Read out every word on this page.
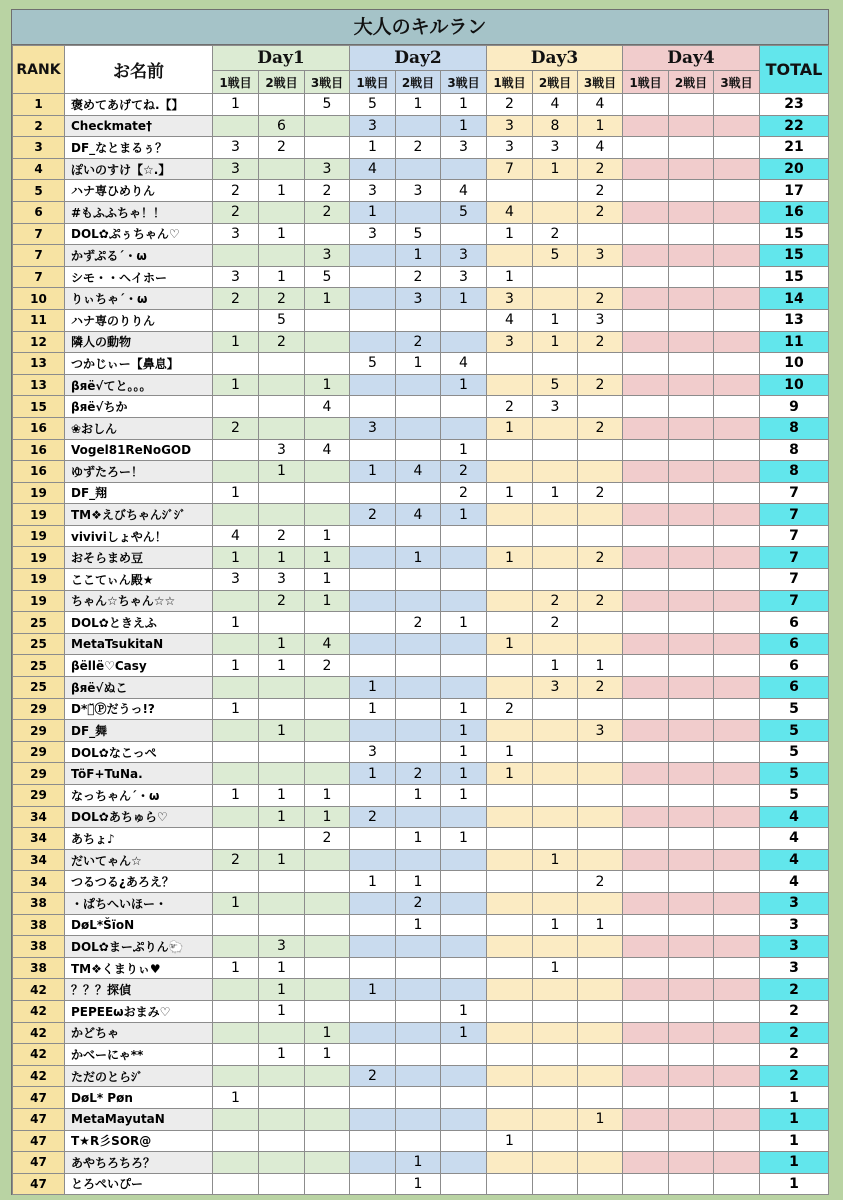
大人のキルラン
RANK	お名前	Day1			Day2			Day3			Day4			TOTAL
		1戦目	2戦目	3戦目	1戦目	2戦目	3戦目	1戦目	2戦目	3戦目	1戦目	2戦目	3戦目	
1	褒めてあげてね.【】	1		5	5	1	1	2	4	4				23
2	Checkmate†		6		3		1	3	8	1				22
3	DF_なとまるぅ？	3	2		1	2	3	3	3	4				21
4	ぽいのすけ【☆.】	3		3	4			7	1	2				20
5	ハナ専ひめりん	2	1	2	3	3	4			2				17
6	#もふふちゃ！！	2		2	1		5	4		2				16
7	DOL✿ぷぅちゃん♡	3	1		3	5		1	2					15
7	かずぷる´・ω			3		1	3		5	3				15
7	シモ・・ヘイホー	3	1	5		2	3	1						15
10	りぃちゃ´・ω	2	2	1		3	1	3		2				14
11	ハナ専のりりん		5					4	1	3				13
12	隣人の動物	1	2			2		3	1	2				11
13	つかじぃー【鼻息】				5	1	4							10
13	βяё√てと。。。	1		1			1		5	2				10
15	βяё√ちか			4				2	3					9
16	❀おしん	2			3			1		2				8
16	Vogel81ReNoGOD		3	4			1							8
16	ゆずたろー！		1		1	4	2							8
19	DF_翔	1					2	1	1	2				7
19	TM❖えびちゃんｼﾞｼﾞ				2	4	1							7
19	viviviしょやん！	4	2	1										7
19	おそらまめ豆	1	1	1		1		1		2				7
19	ここてぃん殿★	3	3	1										7
19	ちゃん☆ちゃん☆☆		2	1					2	2				7
25	DOL✿ときえふ	1				2	1		2					6
25	MetaTsukitaN		1	4				1						6
25	βёllё♡Casy	1	1	2					1	1				6
25	βяё√ぬこ				1				3	2				6
29	D*Ⓟ̆Ⓟだうっ!?	1			1		1	2						5
29	DF_舞		1				1			3				5
29	DOL✿なこっぺ				3		1	1						5
29	TöF+TuNa.				1	2	1	1						5
29	なっちゃん´・ω	1	1	1		1	1							5
34	DOL✿あちゅら♡		1	1	2									4
34	あちょ♪			2		1	1							4
34	だいてゃん☆	2	1						1					4
34	つるつる¿あろえ？				1	1				2				4
38	・ぱちへいほー・	1				2								3
38	DøL*ŠïoN					1			1	1				3
38	DOL✿まーぷりん🐑		3											3
38	TM❖くまりぃ♥	1	1						1					3
42	？？？探偵		1		1									2
42	PEPEEωおまみ♡		1				1							2
42	かどちゃ			1			1							2
42	かべーにゃ**		1	1										2
42	ただのとらｼﾞ				2									2
47	DøL* Pøn	1												1
47	MetaMayutaN									1				1
47	T★R彡SOR@							1						1
47	あやちろちろ？					1								1
47	とろぺいぴー					1								1
